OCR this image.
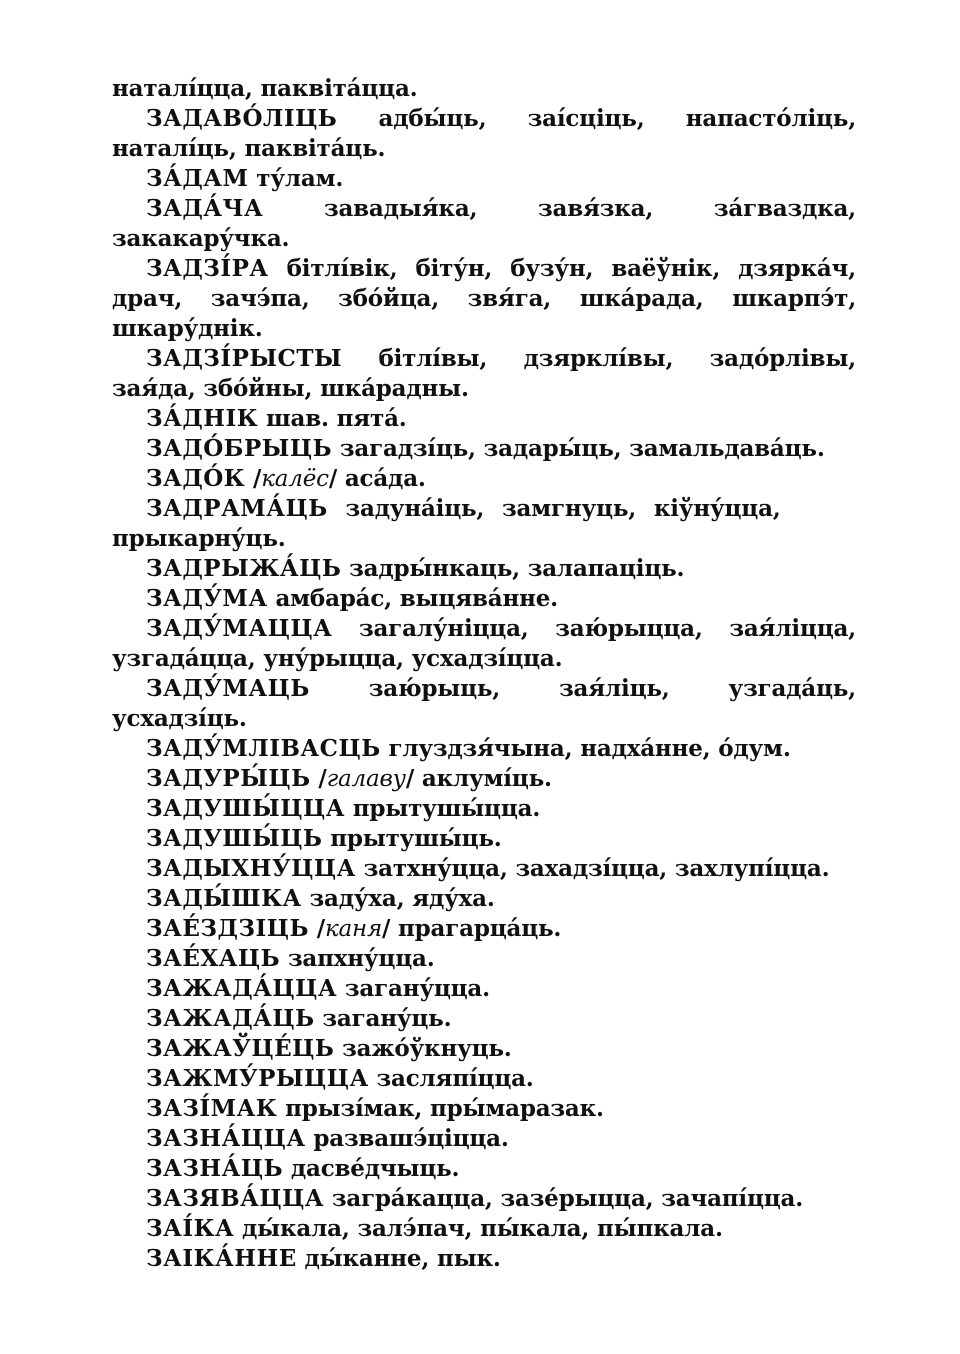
наталі́цца, паквіта́цца.

ЗАДАВО́ЛІЦЬ адбы́ць, заі́сціць, напасто́ліць, наталі́ць, паквіта́ць.

ЗА́ДАМ ту́лам.

ЗАДА́ЧА завадыя́ка, завя́зка, за́гваздка, закакару́чка.

ЗАДЗІ́РА бітлі́вік, біту́н, бузу́н, ваёўнік, дзярка́ч, драч, зачэ́па, збо́йца, звя́га, шка́рада, шкарпэ́т, шкару́днік.

ЗАДЗІ́РЫСТЫ бітлі́вы, дзярклі́вы, задо́рлівы, зая́да, збо́йны, шка́радны.

ЗА́ДНІК шав. пята́.

ЗАДО́БРЫЦЬ загадзі́ць, задары́ць, замальдава́ць.

ЗАДО́К /калёс/ аса́да.

ЗАДРАМА́ЦЬ задуна́іць, замгнуць, кіўну́цца,
прыкарну́ць.

ЗАДРЫЖА́ЦЬ задры́нкаць, залапаціць.

ЗАДУ́МА амбара́с, выцява́нне.

ЗАДУ́МАЦЦА загалу́ніцца, заю́рыцца, зая́ліцца, узгада́цца, уну́рыцца, усхадзі́цца.

ЗАДУ́МАЦЬ заю́рыць, зая́ліць, узгада́ць, усхадзі́ць.

ЗАДУ́МЛІВАСЦЬ глуздзя́чына, надха́нне, о́дум.

ЗАДУРЫ́ЦЬ /галаву/ аклумі́ць.

ЗАДУШЫ́ЦЦА прытушы́цца.

ЗАДУШЫ́ЦЬ прытушы́ць.

ЗАДЫХНУ́ЦЦА затхну́цца, захадзі́цца, захлупі́цца.

ЗАДЫ́ШКА заду́ха, яду́ха.

ЗАЕ́ЗДЗІЦЬ /каня/ прагарца́ць.

ЗАЕ́ХАЦЬ запхну́цца.

ЗАЖАДА́ЦЦА загану́цца.

ЗАЖАДА́ЦЬ загану́ць.

ЗАЖАЎЦЕ́ЦЬ зажо́ўкнуць.

ЗАЖМУ́РЫЦЦА засляпі́цца.

ЗАЗІ́МАК прызі́мак, пры́маразак.

ЗАЗНА́ЦЦА развашэ́ціцца.

ЗАЗНА́ЦЬ дасве́дчыць.

ЗАЗЯВА́ЦЦА загра́кацца, зазе́рыцца, зачапі́цца.

ЗАІ́КА ды́кала, залэ́пач, пы́кала, пы́пкала.

ЗАІКА́ННЕ ды́канне, пык.
